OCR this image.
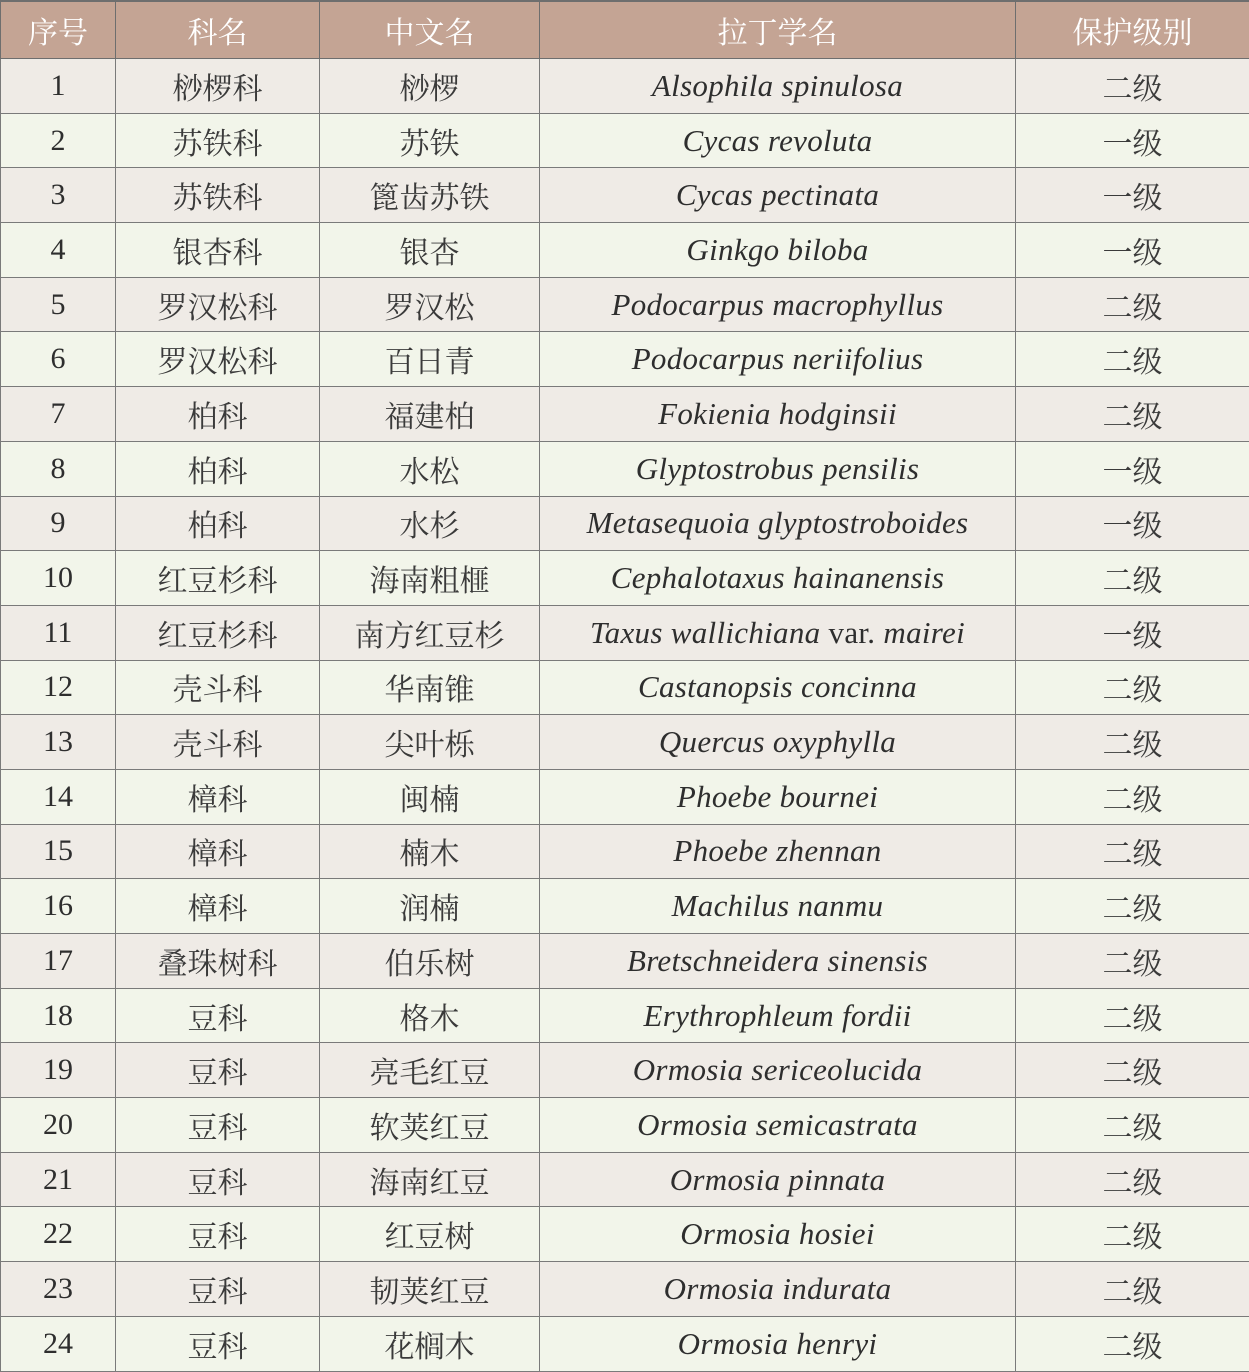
序号	科名	中文名	拉丁学名	保护级别
1	桫椤科	桫椤	Alsophila spinulosa	二级
2	苏铁科	苏铁	Cycas revoluta	一级
3	苏铁科	篦齿苏铁	Cycas pectinata	一级
4	银杏科	银杏	Ginkgo biloba	一级
5	罗汉松科	罗汉松	Podocarpus macrophyllus	二级
6	罗汉松科	百日青	Podocarpus neriifolius	二级
7	柏科	福建柏	Fokienia hodginsii	二级
8	柏科	水松	Glyptostrobus pensilis	一级
9	柏科	水杉	Metasequoia glyptostroboides	一级
10	红豆杉科	海南粗榧	Cephalotaxus hainanensis	二级
11	红豆杉科	南方红豆杉	Taxus wallichiana var. mairei	一级
12	壳斗科	华南锥	Castanopsis concinna	二级
13	壳斗科	尖叶栎	Quercus oxyphylla	二级
14	樟科	闽楠	Phoebe bournei	二级
15	樟科	楠木	Phoebe zhennan	二级
16	樟科	润楠	Machilus nanmu	二级
17	叠珠树科	伯乐树	Bretschneidera sinensis	二级
18	豆科	格木	Erythrophleum fordii	二级
19	豆科	亮毛红豆	Ormosia sericeolucida	二级
20	豆科	软荚红豆	Ormosia semicastrata	二级
21	豆科	海南红豆	Ormosia pinnata	二级
22	豆科	红豆树	Ormosia hosiei	二级
23	豆科	韧荚红豆	Ormosia indurata	二级
24	豆科	花榈木	Ormosia henryi	二级
